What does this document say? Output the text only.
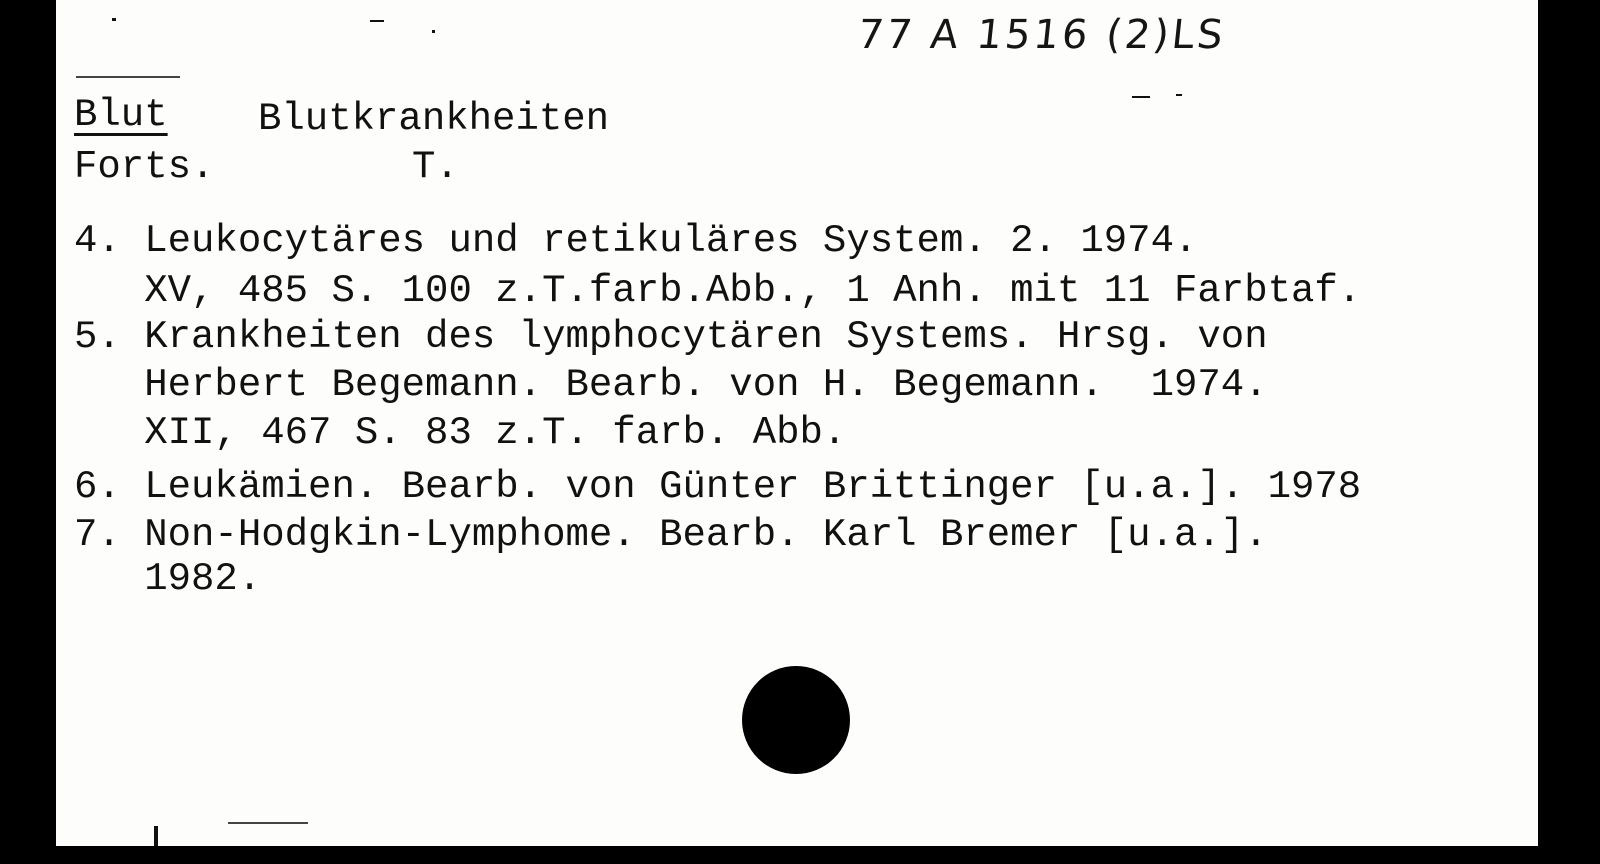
77 A 1516 (2)LS
Blut Blutkrankheiten
Forts.	T.
4. Leukocytäres und retikuläres System. 2. 1974.
XV, 485 S. 100 z.T.farb.Abb., 1 Anh. mit 11 Farbtaf.
5. Krankheiten des lymphocytären Systems. Hrsg. von
Herbert Begemann. Bearb. von H. Begemann.  1974.
XII, 467 S. 83 z.T. farb. Abb.
6. Leukämien. Bearb. von Günter Brittinger [u.a.]. 1978
7. Non-Hodgkin-Lymphome. Bearb. Karl Bremer [u.a.].
1982.
